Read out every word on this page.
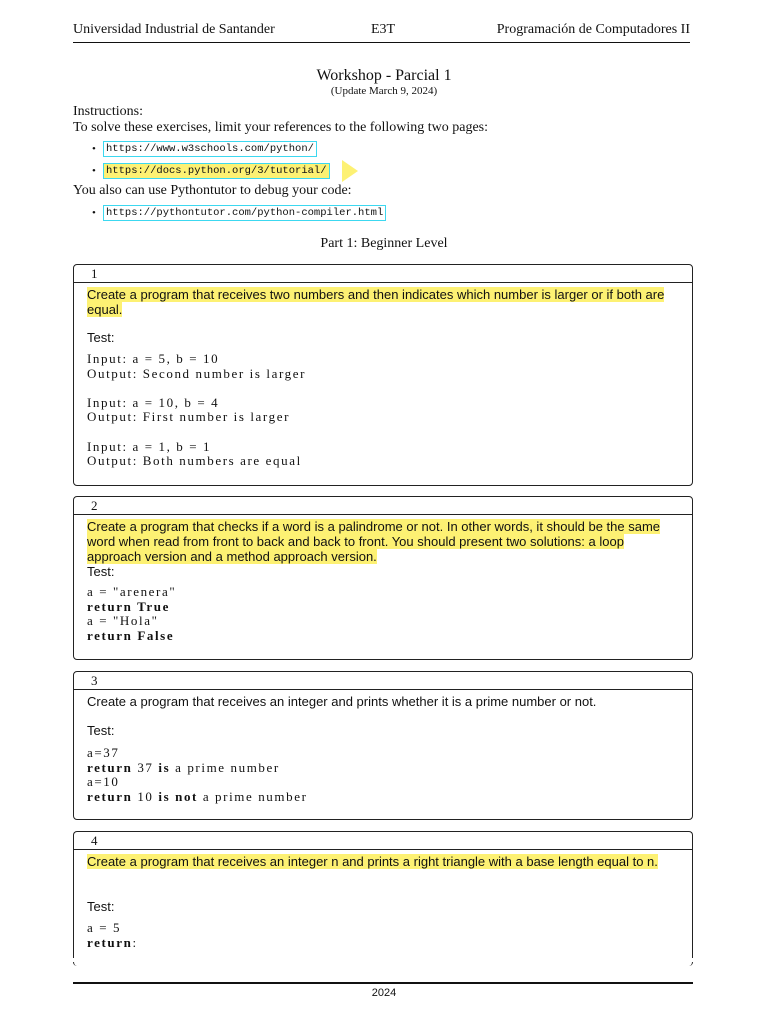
Universidad Industrial de Santander	E3T	Programación de Computadores II
Workshop - Parcial 1
(Update March 9, 2024)
Instructions:
To solve these exercises, limit your references to the following two pages:
• https://www.w3schools.com/python/
• https://docs.python.org/3/tutorial/
You also can use Pythontutor to debug your code:
• https://pythontutor.com/python-compiler.html
Part 1: Beginner Level
1
Create a program that receives two numbers and then indicates which number is larger or if both are equal.
Test:
Input: a = 5, b = 10
Output: Second number is larger

Input: a = 10, b = 4
Output: First number is larger

Input: a = 1, b = 1
Output: Both numbers are equal
2
Create a program that checks if a word is a palindrome or not. In other words, it should be the same word when read from front to back and back to front. You should present two solutions: a loop approach version and a method approach version.
Test:
a = "arenera"
return True
a = "Hola"
return False
3
Create a program that receives an integer and prints whether it is a prime number or not.
Test:
a=37
return 37 is a prime number
a=10
return 10 is not a prime number
4
Create a program that receives an integer n and prints a right triangle with a base length equal to n.
Test:
a = 5
return:
2024
